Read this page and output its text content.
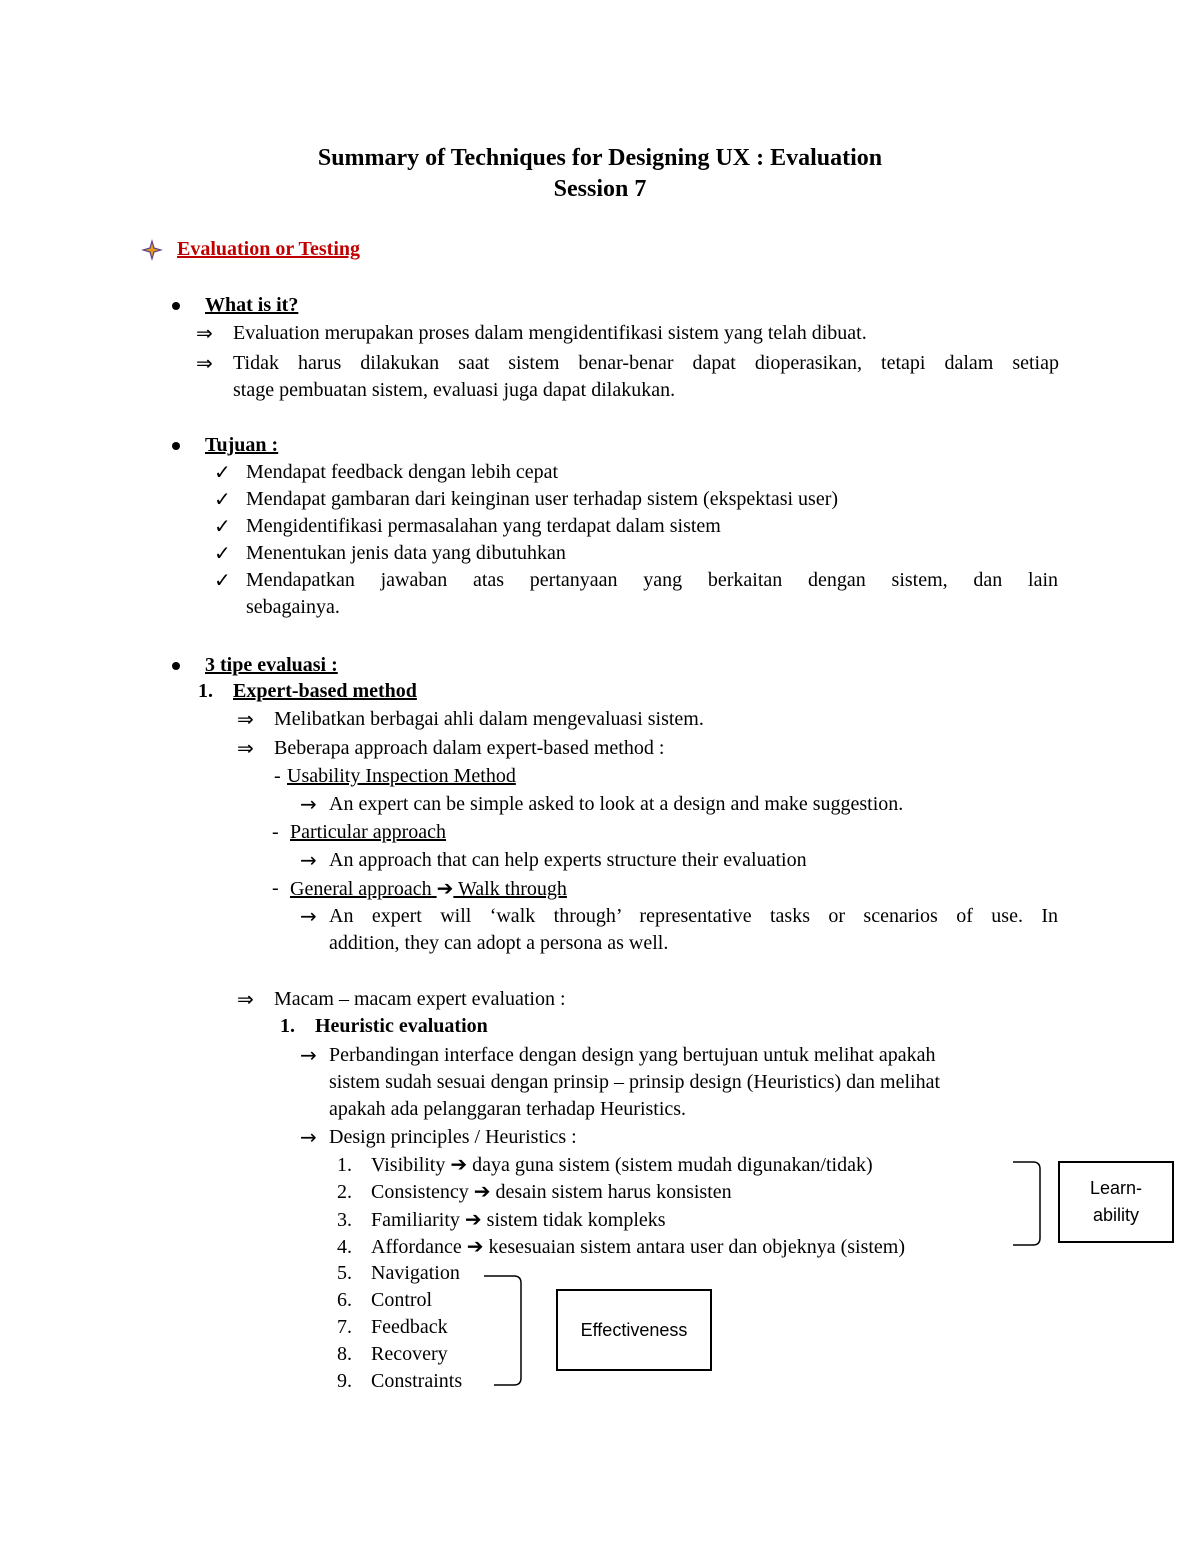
Summary of Techniques for Designing UX : Evaluation
Session 7
Evaluation or Testing
What is it?
⇒ Evaluation merupakan proses dalam mengidentifikasi sistem yang telah dibuat.
⇒ Tidak harus dilakukan saat sistem benar-benar dapat dioperasikan, tetapi dalam setiap
stage pembuatan sistem, evaluasi juga dapat dilakukan.
Tujuan :
✓ Mendapat feedback dengan lebih cepat
✓ Mendapat gambaran dari keinginan user terhadap sistem (ekspektasi user)
✓ Mengidentifikasi permasalahan yang terdapat dalam sistem
✓ Menentukan jenis data yang dibutuhkan
✓ Mendapatkan jawaban atas pertanyaan yang berkaitan dengan sistem, dan lain
sebagainya.
3 tipe evaluasi :
1. Expert-based method
⇒ Melibatkan berbagai ahli dalam mengevaluasi sistem.
⇒ Beberapa approach dalam expert-based method :
- Usability Inspection Method
→ An expert can be simple asked to look at a design and make suggestion.
- Particular approach
→ An approach that can help experts structure their evaluation
- General approach ➔ Walk through
→ An expert will ‘walk through’ representative tasks or scenarios of use. In
addition, they can adopt a persona as well.
⇒ Macam – macam expert evaluation :
1. Heuristic evaluation
→ Perbandingan interface dengan design yang bertujuan untuk melihat apakah
sistem sudah sesuai dengan prinsip – prinsip design (Heuristics) dan melihat
apakah ada pelanggaran terhadap Heuristics.
→ Design principles / Heuristics :
1. Visibility ➔ daya guna sistem (sistem mudah digunakan/tidak)
2. Consistency ➔ desain sistem harus konsisten
3. Familiarity ➔ sistem tidak kompleks
4. Affordance ➔ kesesuaian sistem antara user dan objeknya (sistem)
5. Navigation
6. Control
7. Feedback
8. Recovery
9. Constraints
Learn-
ability
Effectiveness
